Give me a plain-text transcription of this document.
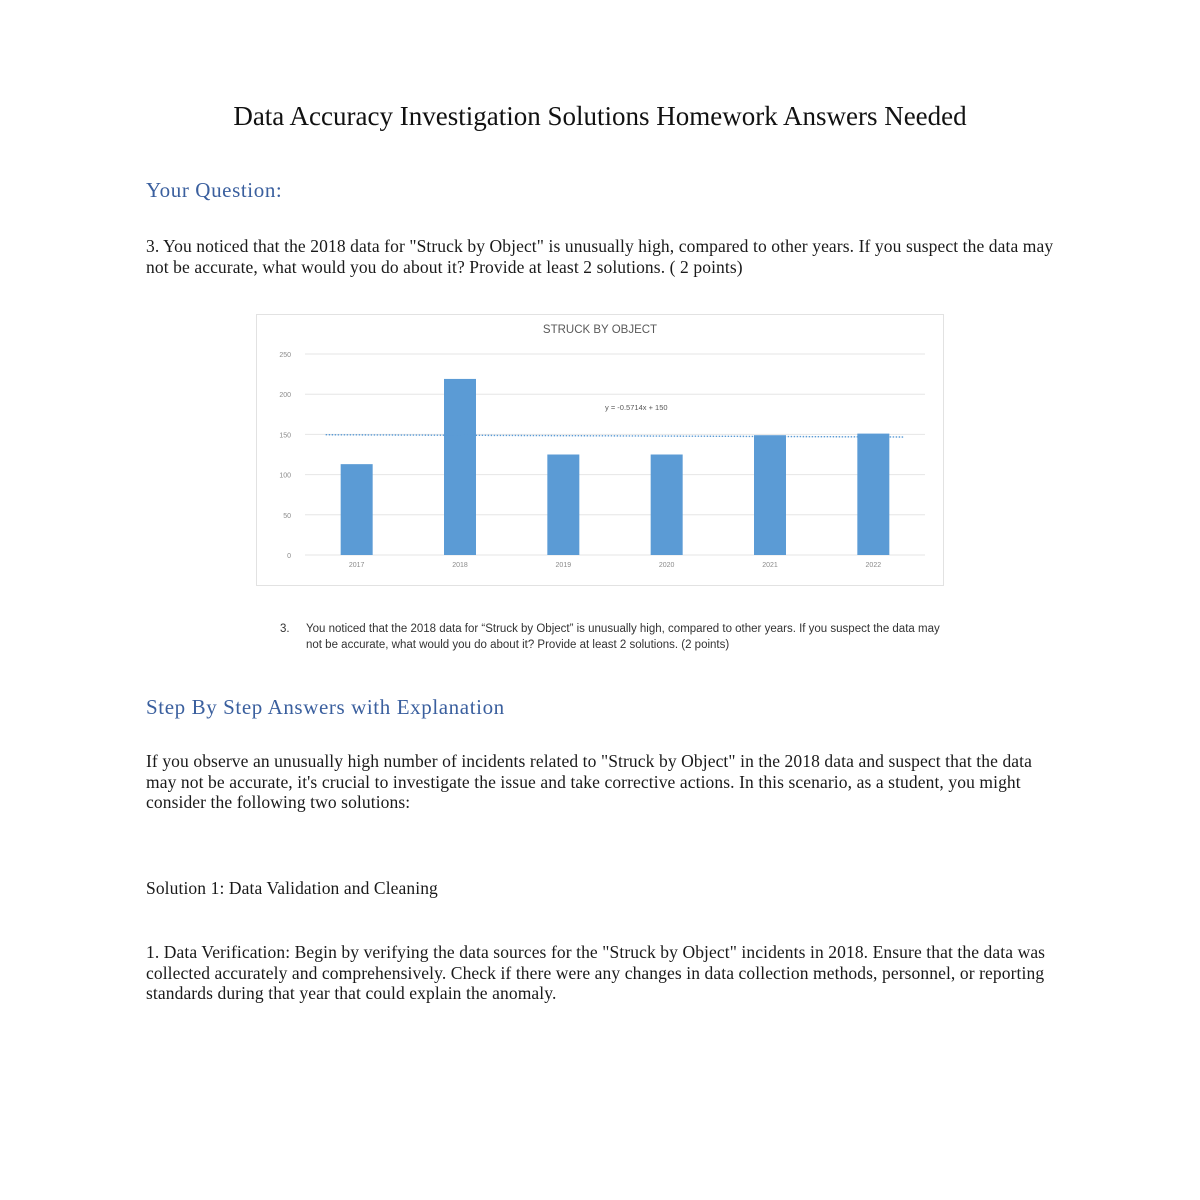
Data Accuracy Investigation Solutions Homework Answers Needed
Your Question:
3. You noticed that the 2018 data for "Struck by Object" is unusually high, compared to other years. If you suspect the data may not be accurate, what would you do about it? Provide at least 2 solutions. ( 2 points)
STRUCK BY OBJECT
0
50
100
150
200
250
2017	2018	2019	2020	2021	2022
y = -0.5714x + 150
3. You noticed that the 2018 data for “Struck by Object” is unusually high, compared to other years. If you suspect the data may not be accurate, what would you do about it? Provide at least 2 solutions. (2 points)
Step By Step Answers with Explanation
If you observe an unusually high number of incidents related to "Struck by Object" in the 2018 data and suspect that the data may not be accurate, it's crucial to investigate the issue and take corrective actions. In this scenario, as a student, you might consider the following two solutions:
Solution 1: Data Validation and Cleaning
1. Data Verification: Begin by verifying the data sources for the "Struck by Object" incidents in 2018. Ensure that the data was collected accurately and comprehensively. Check if there were any changes in data collection methods, personnel, or reporting standards during that year that could explain the anomaly.
